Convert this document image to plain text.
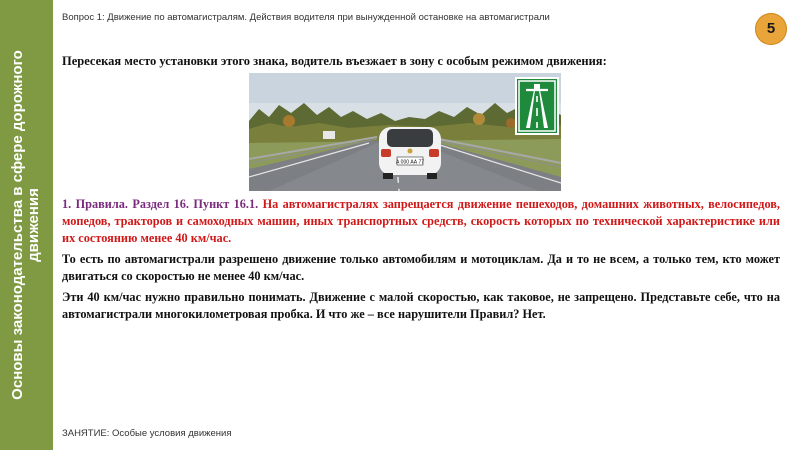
Основы законодательства в сфере дорожного движения
Вопрос 1: Движение по автомагистралям. Действия водителя при вынужденной остановке на автомагистрали
5
Пересекая место установки этого знака, водитель въезжает в зону с особым режимом движения:
А 000 АА 77

1. Правила. Раздел 16. Пункт 16.1. На автомагистралях запрещается движение пешеходов, домашних животных, велосипедов, мопедов, тракторов и самоходных машин, иных транспортных средств, скорость которых по технической характеристике или их состоянию менее 40 км/час.

То есть по автомагистрали разрешено движение только автомобилям и мотоциклам. Да и то не всем, а только тем, кто может двигаться со скоростью не менее 40 км/час.

Эти 40 км/час нужно правильно понимать. Движение с малой скоростью, как таковое, не запрещено. Представьте себе, что на автомагистрали многокилометровая пробка. И что же – все нарушители Правил? Нет.

ЗАНЯТИЕ: Особые условия движения
